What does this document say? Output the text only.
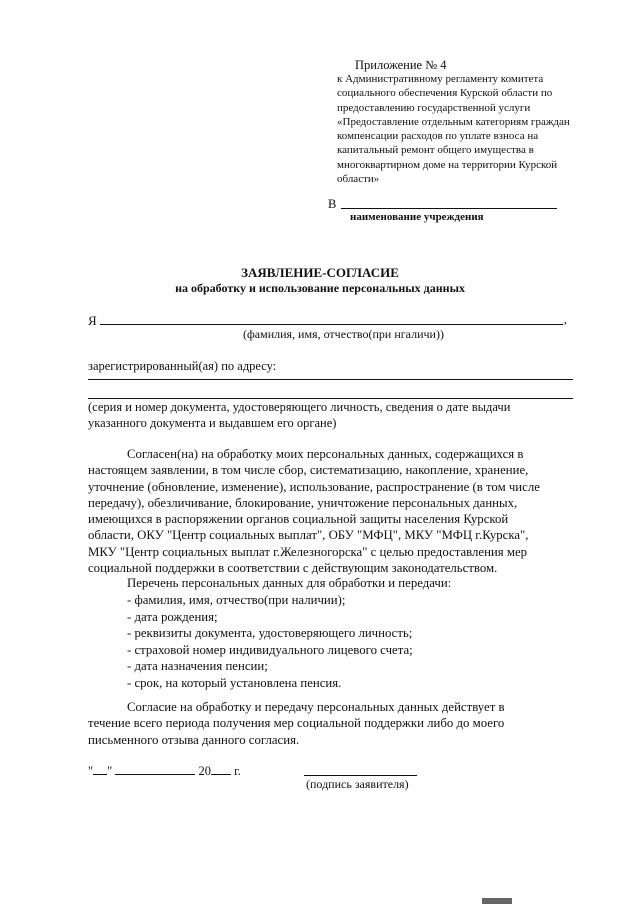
Приложение № 4
к Административному регламенту комитета
социального обеспечения Курской области по
предоставлению государственной услуги
«Предоставление отдельным категориям граждан
компенсации расходов по уплате взноса на
капитальный ремонт общего имущества в
многоквартирном доме на территории Курской
области»
В
наименование учреждения
ЗАЯВЛЕНИЕ-СОГЛАСИЕ
на обработку и использование персональных данных
Я	,
(фамилия, имя, отчество(при нгаличи))
зарегистрированный(ая) по адресу:
(серия и номер документа, удостоверяющего личность, сведения о дате выдачи
указанного документа и выдавшем его органе)
Согласен(на) на обработку моих персональных данных, содержащихся в
настоящем заявлении, в том числе сбор, систематизацию, накопление, хранение,
уточнение (обновление, изменение), использование, распространение (в том числе
передачу), обезличивание, блокирование, уничтожение персональных данных,
имеющихся в распоряжении органов социальной защиты населения Курской
области, ОКУ "Центр социальных выплат", ОБУ "МФЦ", МКУ "МФЦ г.Курска",
МКУ "Центр социальных выплат г.Железногорска" с целью предоставления мер
социальной поддержки в соответствии с действующим законодательством.
Перечень персональных данных для обработки и передачи:
- фамилия, имя, отчество(при наличии);
- дата рождения;
- реквизиты документа, удостоверяющего личность;
- страховой номер индивидуального лицевого счета;
- дата назначения пенсии;
- срок, на который установлена пенсия.
Согласие на обработку и передачу персональных данных действует в
течение всего периода получения мер социальной поддержки либо до моего
письменного отзыва данного согласия.
" "	20 г.
(подпись заявителя)
